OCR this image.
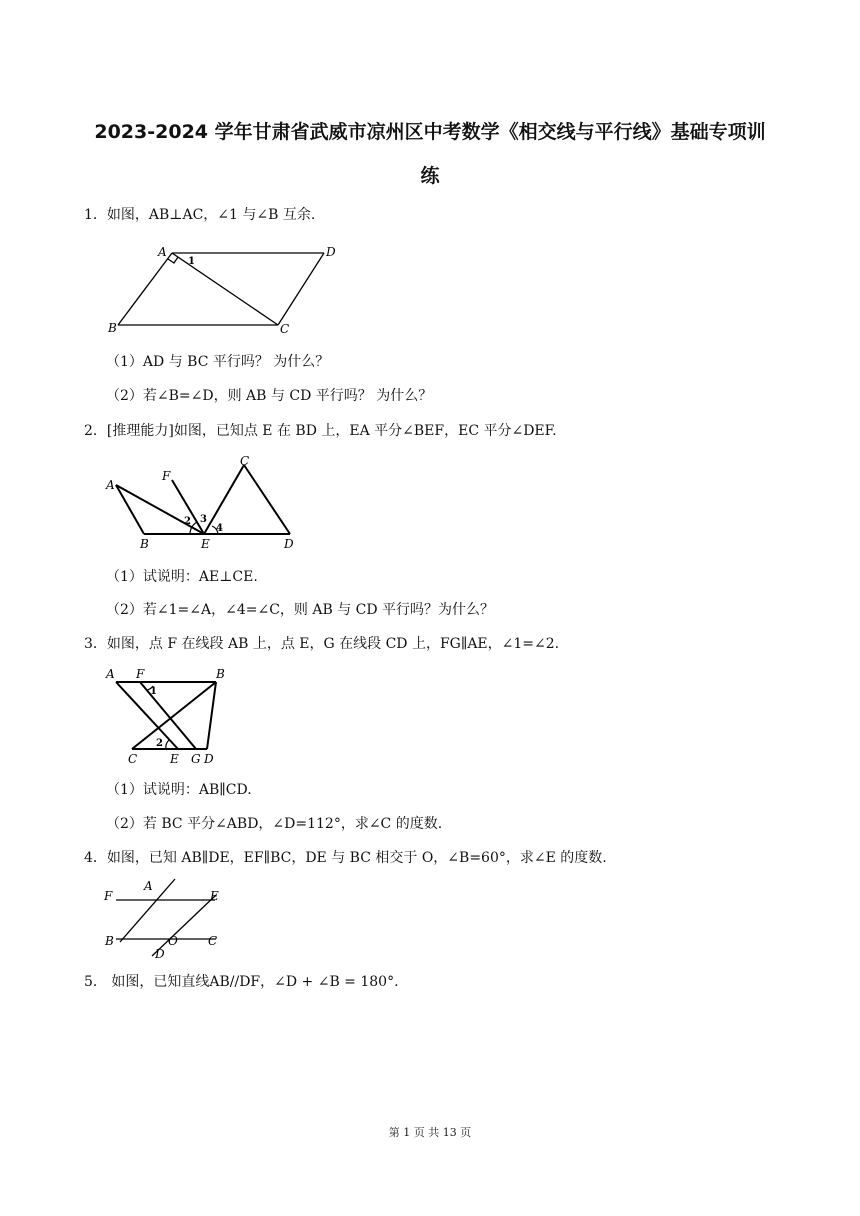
2023-2024 学年甘肃省武威市凉州区中考数学《相交线与平行线》基础专项训
练
1．如图，AB⊥AC，∠1 与∠B 互余.
A	D
B	C
1
（1）AD 与 BC 平行吗？ 为什么？
（2）若∠B=∠D，则 AB 与 CD 平行吗？ 为什么？
2．[推理能力]如图，已知点 E 在 BD 上，EA 平分∠BEF，EC 平分∠DEF.
A
F
C
B	E	D
2 3
4
（1）试说明：AE⊥CE.
（2）若∠1=∠A，∠4=∠C，则 AB 与 CD 平行吗？为什么？
3．如图，点 F 在线段 AB 上，点 E，G 在线段 CD 上，FG∥AE，∠1=∠2.
A F	B
C	E G D
1
2
（1）试说明：AB∥CD.
（2）若 BC 平分∠ABD，∠D=112°，求∠C 的度数.
4．如图，已知 AB∥DE，EF∥BC，DE 与 BC 相交于 O，∠B=60°，求∠E 的度数.
F
A
E
B	O	C
D
5． 如图，已知直线AB//DF，∠D + ∠B = 180°.
第 1 页 共 13 页
